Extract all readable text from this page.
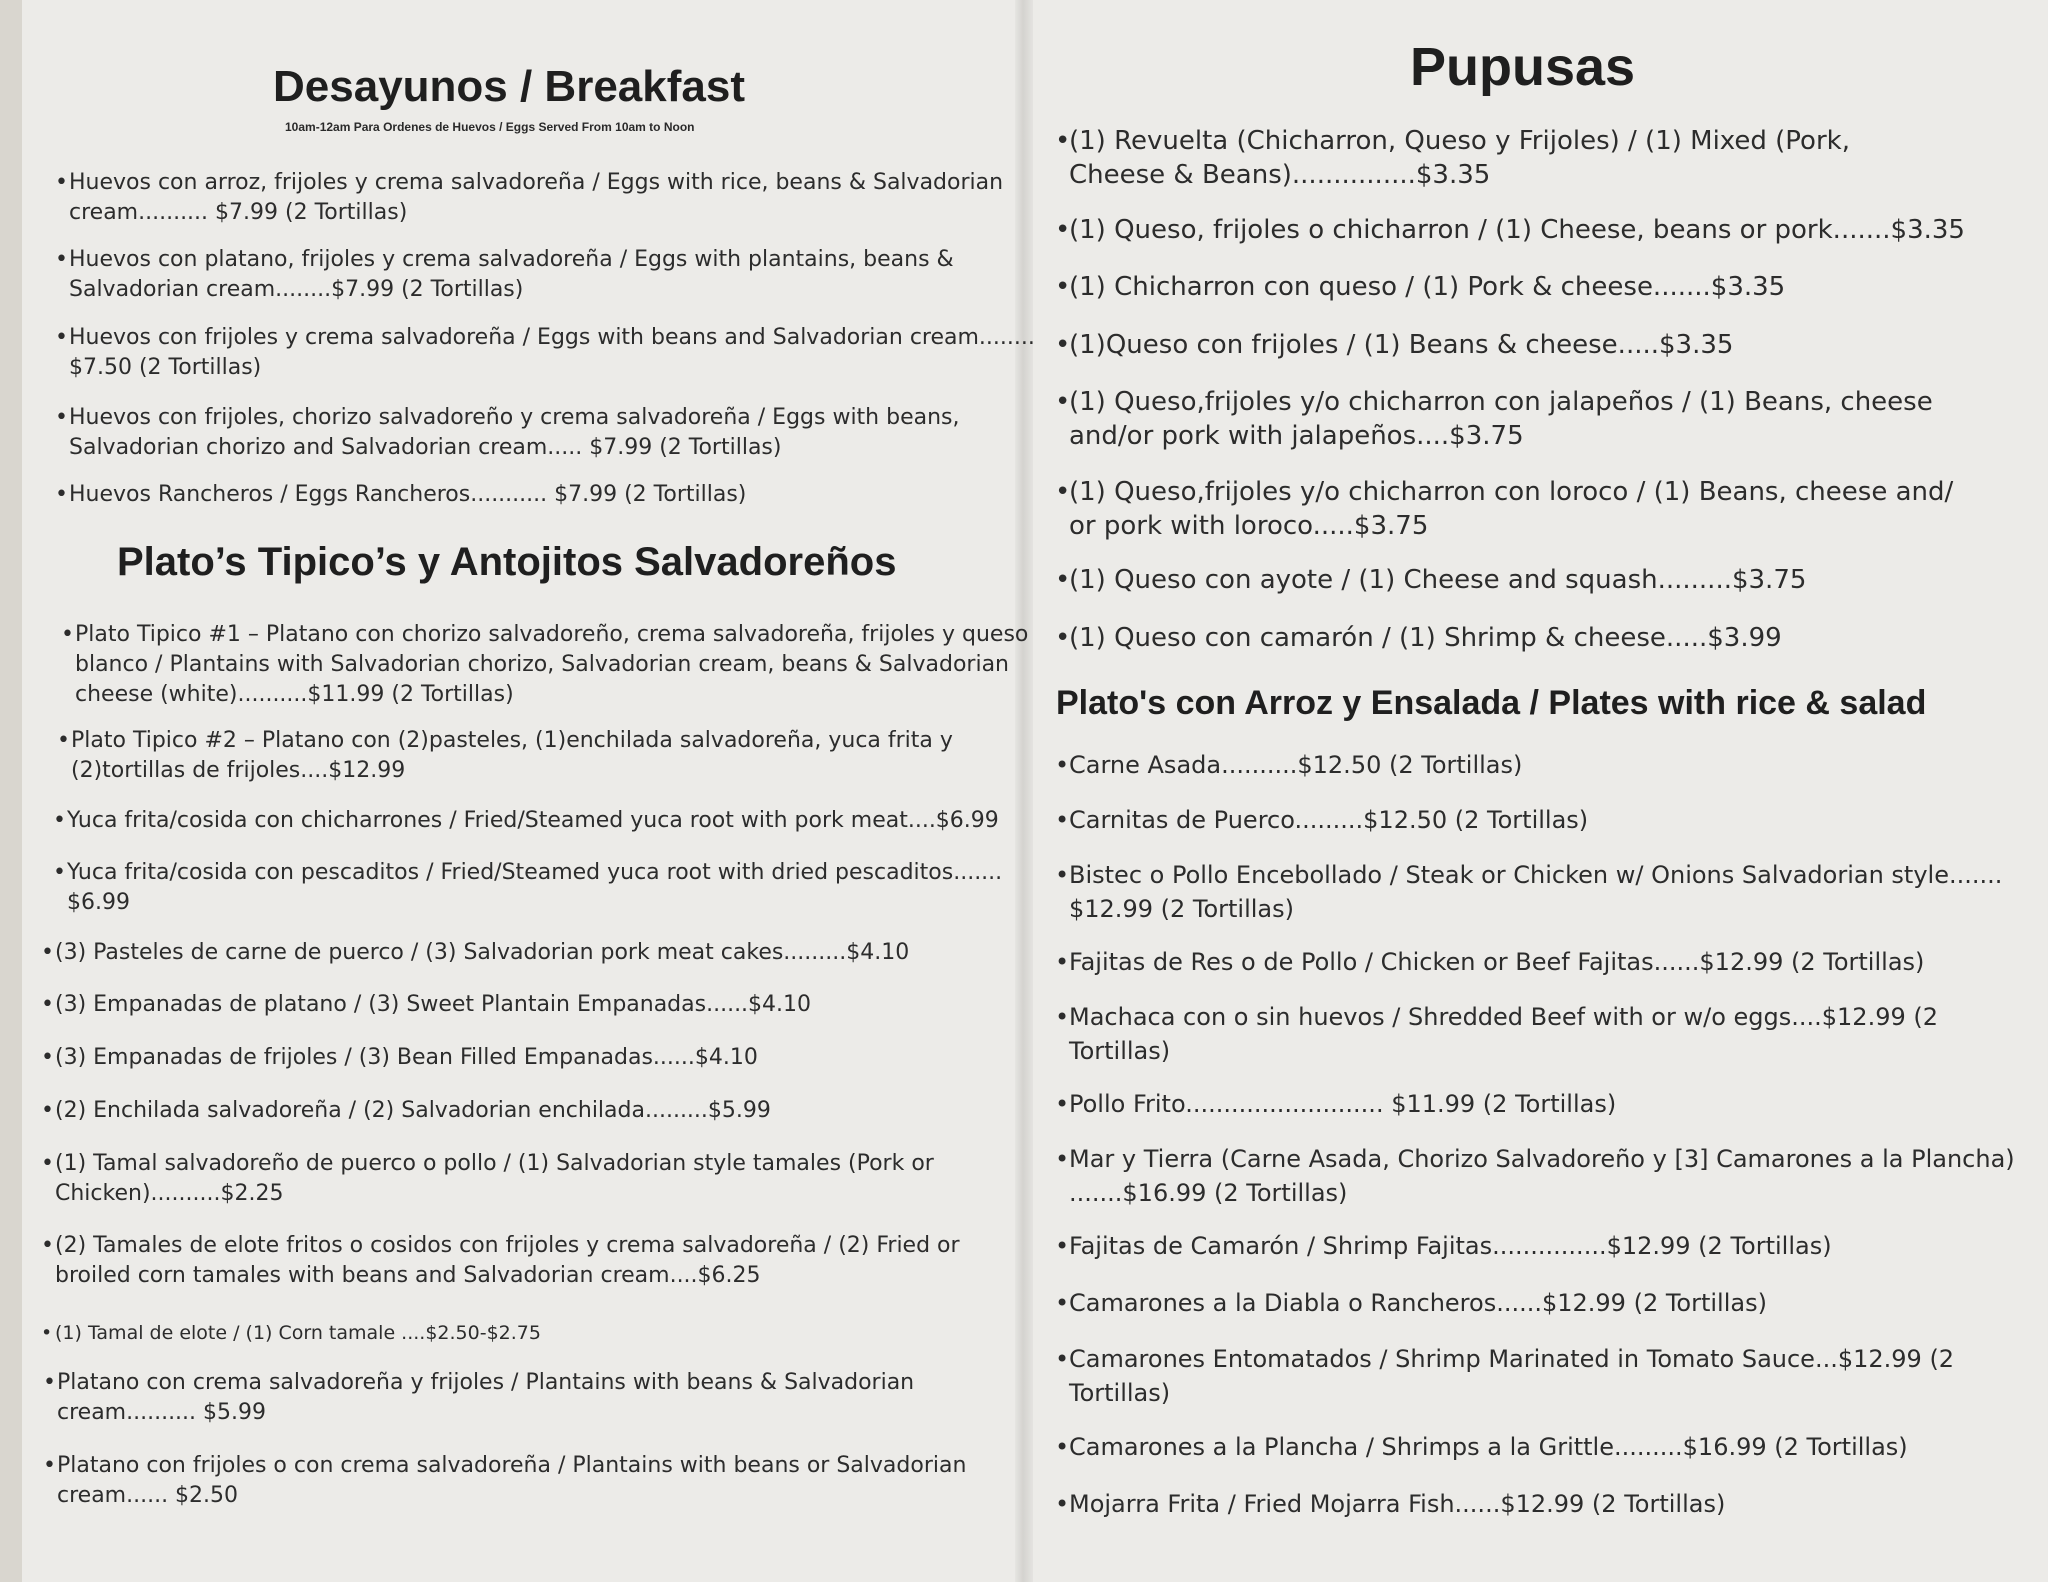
Desayunos / Breakfast
10am-12am Para Ordenes de Huevos / Eggs Served From 10am to Noon
•Huevos con arroz, frijoles y crema salvadoreña / Eggs with rice, beans & Salvadorian
cream.......... $7.99 (2 Tortillas)
•Huevos con platano, frijoles y crema salvadoreña / Eggs with plantains, beans &
Salvadorian cream........$7.99 (2 Tortillas)
•Huevos con frijoles y crema salvadoreña / Eggs with beans and Salvadorian cream........
$7.50 (2 Tortillas)
•Huevos con frijoles, chorizo salvadoreño y crema salvadoreña / Eggs with beans,
Salvadorian chorizo and Salvadorian cream..... $7.99 (2 Tortillas)
•Huevos Rancheros / Eggs Rancheros........... $7.99 (2 Tortillas)
Plato’s Tipico’s y Antojitos Salvadoreños
•Plato Tipico #1 – Platano con chorizo salvadoreño, crema salvadoreña, frijoles y queso
blanco / Plantains with Salvadorian chorizo, Salvadorian cream, beans & Salvadorian
cheese (white)..........$11.99 (2 Tortillas)
•Plato Tipico #2 – Platano con (2)pasteles, (1)enchilada salvadoreña, yuca frita y
(2)tortillas de frijoles....$12.99
•Yuca frita/cosida con chicharrones / Fried/Steamed yuca root with pork meat....$6.99
•Yuca frita/cosida con pescaditos / Fried/Steamed yuca root with dried pescaditos.......
$6.99
•(3) Pasteles de carne de puerco / (3) Salvadorian pork meat cakes.........$4.10
•(3) Empanadas de platano / (3) Sweet Plantain Empanadas......$4.10
•(3) Empanadas de frijoles / (3) Bean Filled Empanadas......$4.10
•(2) Enchilada salvadoreña / (2) Salvadorian enchilada.........$5.99
•(1) Tamal salvadoreño de puerco o pollo / (1) Salvadorian style tamales (Pork or
Chicken)..........$2.25
•(2) Tamales de elote fritos o cosidos con frijoles y crema salvadoreña / (2) Fried or
broiled corn tamales with beans and Salvadorian cream....$6.25
• (1) Tamal de elote / (1) Corn tamale ....$2.50-$2.75
•Platano con crema salvadoreña y frijoles / Plantains with beans & Salvadorian
cream.......... $5.99
•Platano con frijoles o con crema salvadoreña / Plantains with beans or Salvadorian
cream...... $2.50
Pupusas
•(1) Revuelta (Chicharron, Queso y Frijoles) / (1) Mixed (Pork,
Cheese & Beans)...............$3.35
•(1) Queso, frijoles o chicharron / (1) Cheese, beans or pork.......$3.35
•(1) Chicharron con queso / (1) Pork & cheese.......$3.35
•(1)Queso con frijoles / (1) Beans & cheese.....$3.35
•(1) Queso,frijoles y/o chicharron con jalapeños / (1) Beans, cheese
and/or pork with jalapeños....$3.75
•(1) Queso,frijoles y/o chicharron con loroco / (1) Beans, cheese and/
or pork with loroco.....$3.75
•(1) Queso con ayote / (1) Cheese and squash.........$3.75
•(1) Queso con camarón / (1) Shrimp & cheese.....$3.99
Plato's con Arroz y Ensalada / Plates with rice & salad
•Carne Asada..........$12.50 (2 Tortillas)
•Carnitas de Puerco.........$12.50 (2 Tortillas)
•Bistec o Pollo Encebollado / Steak or Chicken w/ Onions Salvadorian style.......
$12.99 (2 Tortillas)
•Fajitas de Res o de Pollo / Chicken or Beef Fajitas......$12.99 (2 Tortillas)
•Machaca con o sin huevos / Shredded Beef with or w/o eggs....$12.99 (2
Tortillas)
•Pollo Frito.......................... $11.99 (2 Tortillas)
•Mar y Tierra (Carne Asada, Chorizo Salvadoreño y [3] Camarones a la Plancha)
.......$16.99 (2 Tortillas)
•Fajitas de Camarón / Shrimp Fajitas...............$12.99 (2 Tortillas)
•Camarones a la Diabla o Rancheros......$12.99 (2 Tortillas)
•Camarones Entomatados / Shrimp Marinated in Tomato Sauce...$12.99 (2
Tortillas)
•Camarones a la Plancha / Shrimps a la Grittle.........$16.99 (2 Tortillas)
•Mojarra Frita / Fried Mojarra Fish......$12.99 (2 Tortillas)
